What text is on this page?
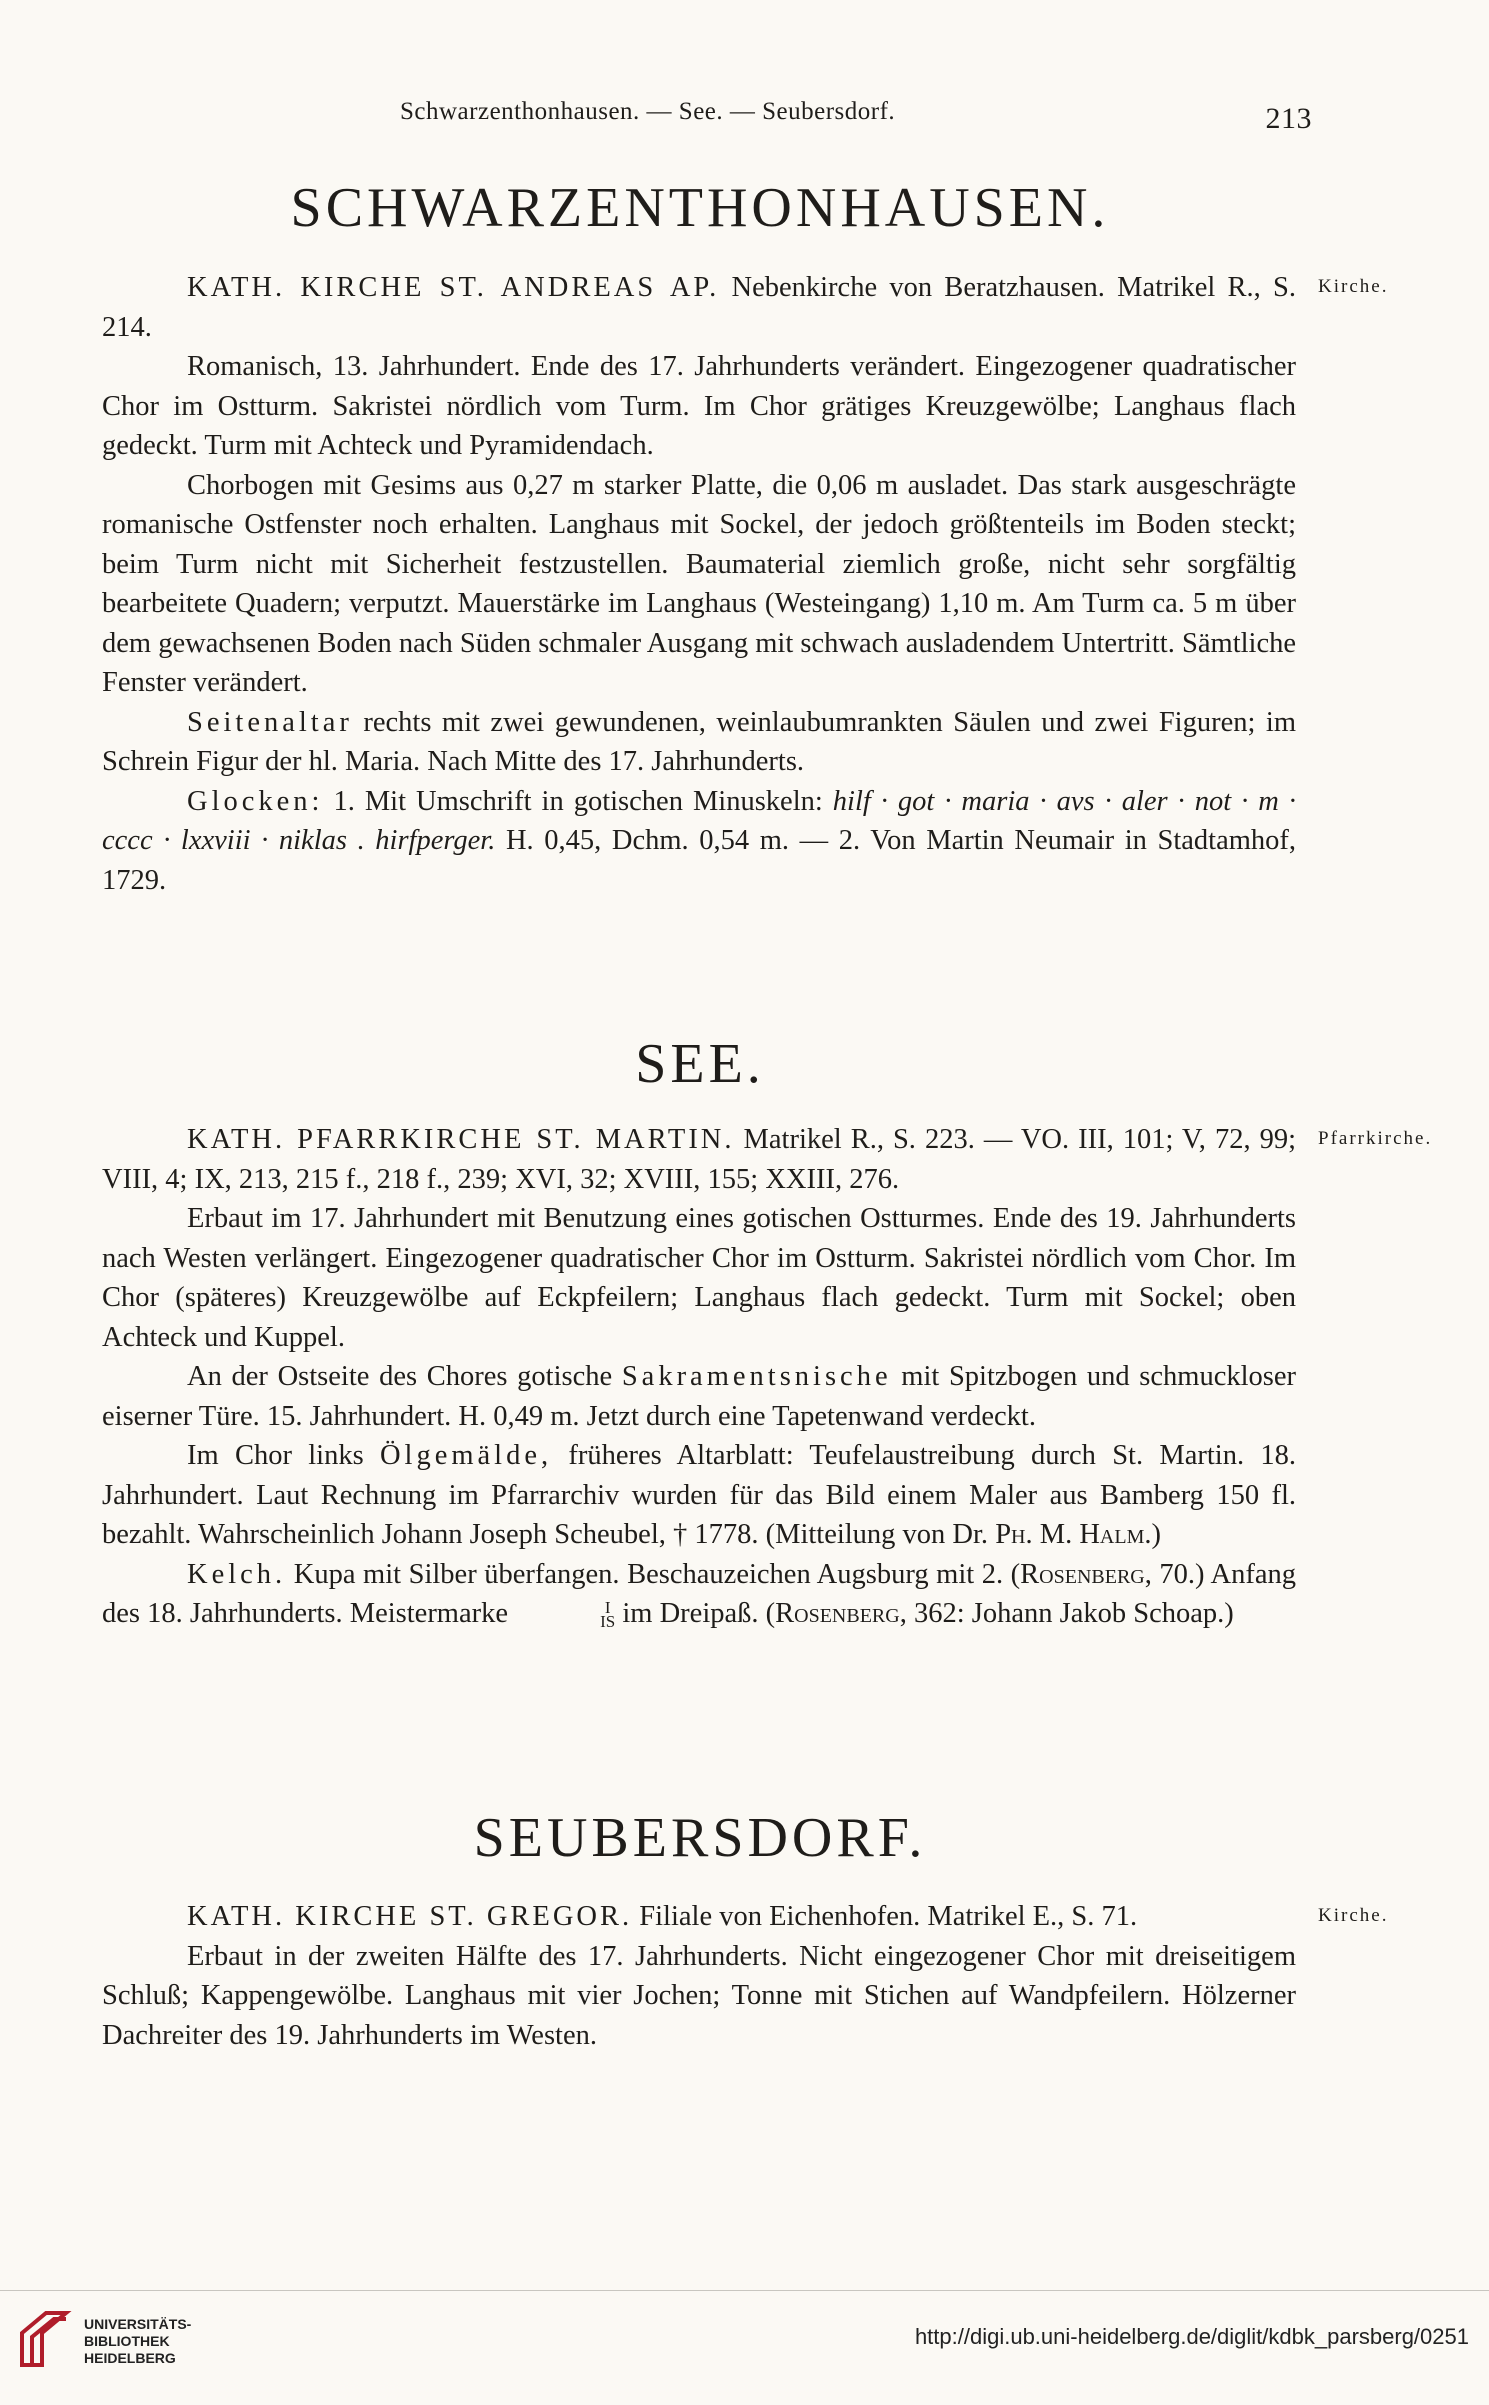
Schwarzenthonhausen. — See. — Seubersdorf.	213
SCHWARZENTHONHAUSEN.
Kirche.

KATH. KIRCHE ST. ANDREAS AP. Nebenkirche von Beratzhausen. Matrikel R., S. 214.

Romanisch, 13. Jahrhundert. Ende des 17. Jahrhunderts verändert. Eingezogener quadratischer Chor im Ostturm. Sakristei nördlich vom Turm. Im Chor grätiges Kreuzgewölbe; Langhaus flach gedeckt. Turm mit Achteck und Pyramidendach.

Chorbogen mit Gesims aus 0,27 m starker Platte, die 0,06 m ausladet. Das stark ausgeschrägte romanische Ostfenster noch erhalten. Langhaus mit Sockel, der jedoch größtenteils im Boden steckt; beim Turm nicht mit Sicherheit festzustellen. Baumaterial ziemlich große, nicht sehr sorgfältig bearbeitete Quadern; verputzt. Mauerstärke im Langhaus (Westeingang) 1,10 m. Am Turm ca. 5 m über dem gewachsenen Boden nach Süden schmaler Ausgang mit schwach ausladendem Untertritt. Sämtliche Fenster verändert.

Seitenaltar rechts mit zwei gewundenen, weinlaubumrankten Säulen und zwei Figuren; im Schrein Figur der hl. Maria. Nach Mitte des 17. Jahrhunderts.

Glocken: 1. Mit Umschrift in gotischen Minuskeln: hilf · got · maria · avs · aler · not · m · cccc · lxxviii · niklas . hirfperger. H. 0,45, Dchm. 0,54 m. — 2. Von Martin Neumair in Stadtamhof, 1729.

SEE.
Pfarrkirche.

KATH. PFARRKIRCHE ST. MARTIN. Matrikel R., S. 223. — VO. III, 101; V, 72, 99; VIII, 4; IX, 213, 215 f., 218 f., 239; XVI, 32; XVIII, 155; XXIII, 276.

Erbaut im 17. Jahrhundert mit Benutzung eines gotischen Ostturmes. Ende des 19. Jahrhunderts nach Westen verlängert. Eingezogener quadratischer Chor im Ostturm. Sakristei nördlich vom Chor. Im Chor (späteres) Kreuzgewölbe auf Eckpfeilern; Langhaus flach gedeckt. Turm mit Sockel; oben Achteck und Kuppel.

An der Ostseite des Chores gotische Sakramentsnische mit Spitzbogen und schmuckloser eiserner Türe. 15. Jahrhundert. H. 0,49 m. Jetzt durch eine Tapetenwand verdeckt.

Im Chor links Ölgemälde, früheres Altarblatt: Teufelaustreibung durch St. Martin. 18. Jahrhundert. Laut Rechnung im Pfarrarchiv wurden für das Bild einem Maler aus Bamberg 150 fl. bezahlt. Wahrscheinlich Johann Joseph Scheubel, † 1778. (Mitteilung von Dr. Ph. M. Halm.)

Kelch. Kupa mit Silber überfangen. Beschauzeichen Augsburg mit 2. (Rosenberg, 70.) Anfang des 18. Jahrhunderts. Meistermarke	I
IS im Dreipaß. (Rosenberg, 362: Johann Jakob Schoap.)

SEUBERSDORF.
Kirche.

KATH. KIRCHE ST. GREGOR. Filiale von Eichenhofen. Matrikel E., S. 71.

Erbaut in der zweiten Hälfte des 17. Jahrhunderts. Nicht eingezogener Chor mit dreiseitigem Schluß; Kappengewölbe. Langhaus mit vier Jochen; Tonne mit Stichen auf Wandpfeilern. Hölzerner Dachreiter des 19. Jahrhunderts im Westen.

UNIVERSITÄTS-
BIBLIOTHEK
HEIDELBERG
http://digi.ub.uni-heidelberg.de/diglit/kdbk_parsberg/0251
